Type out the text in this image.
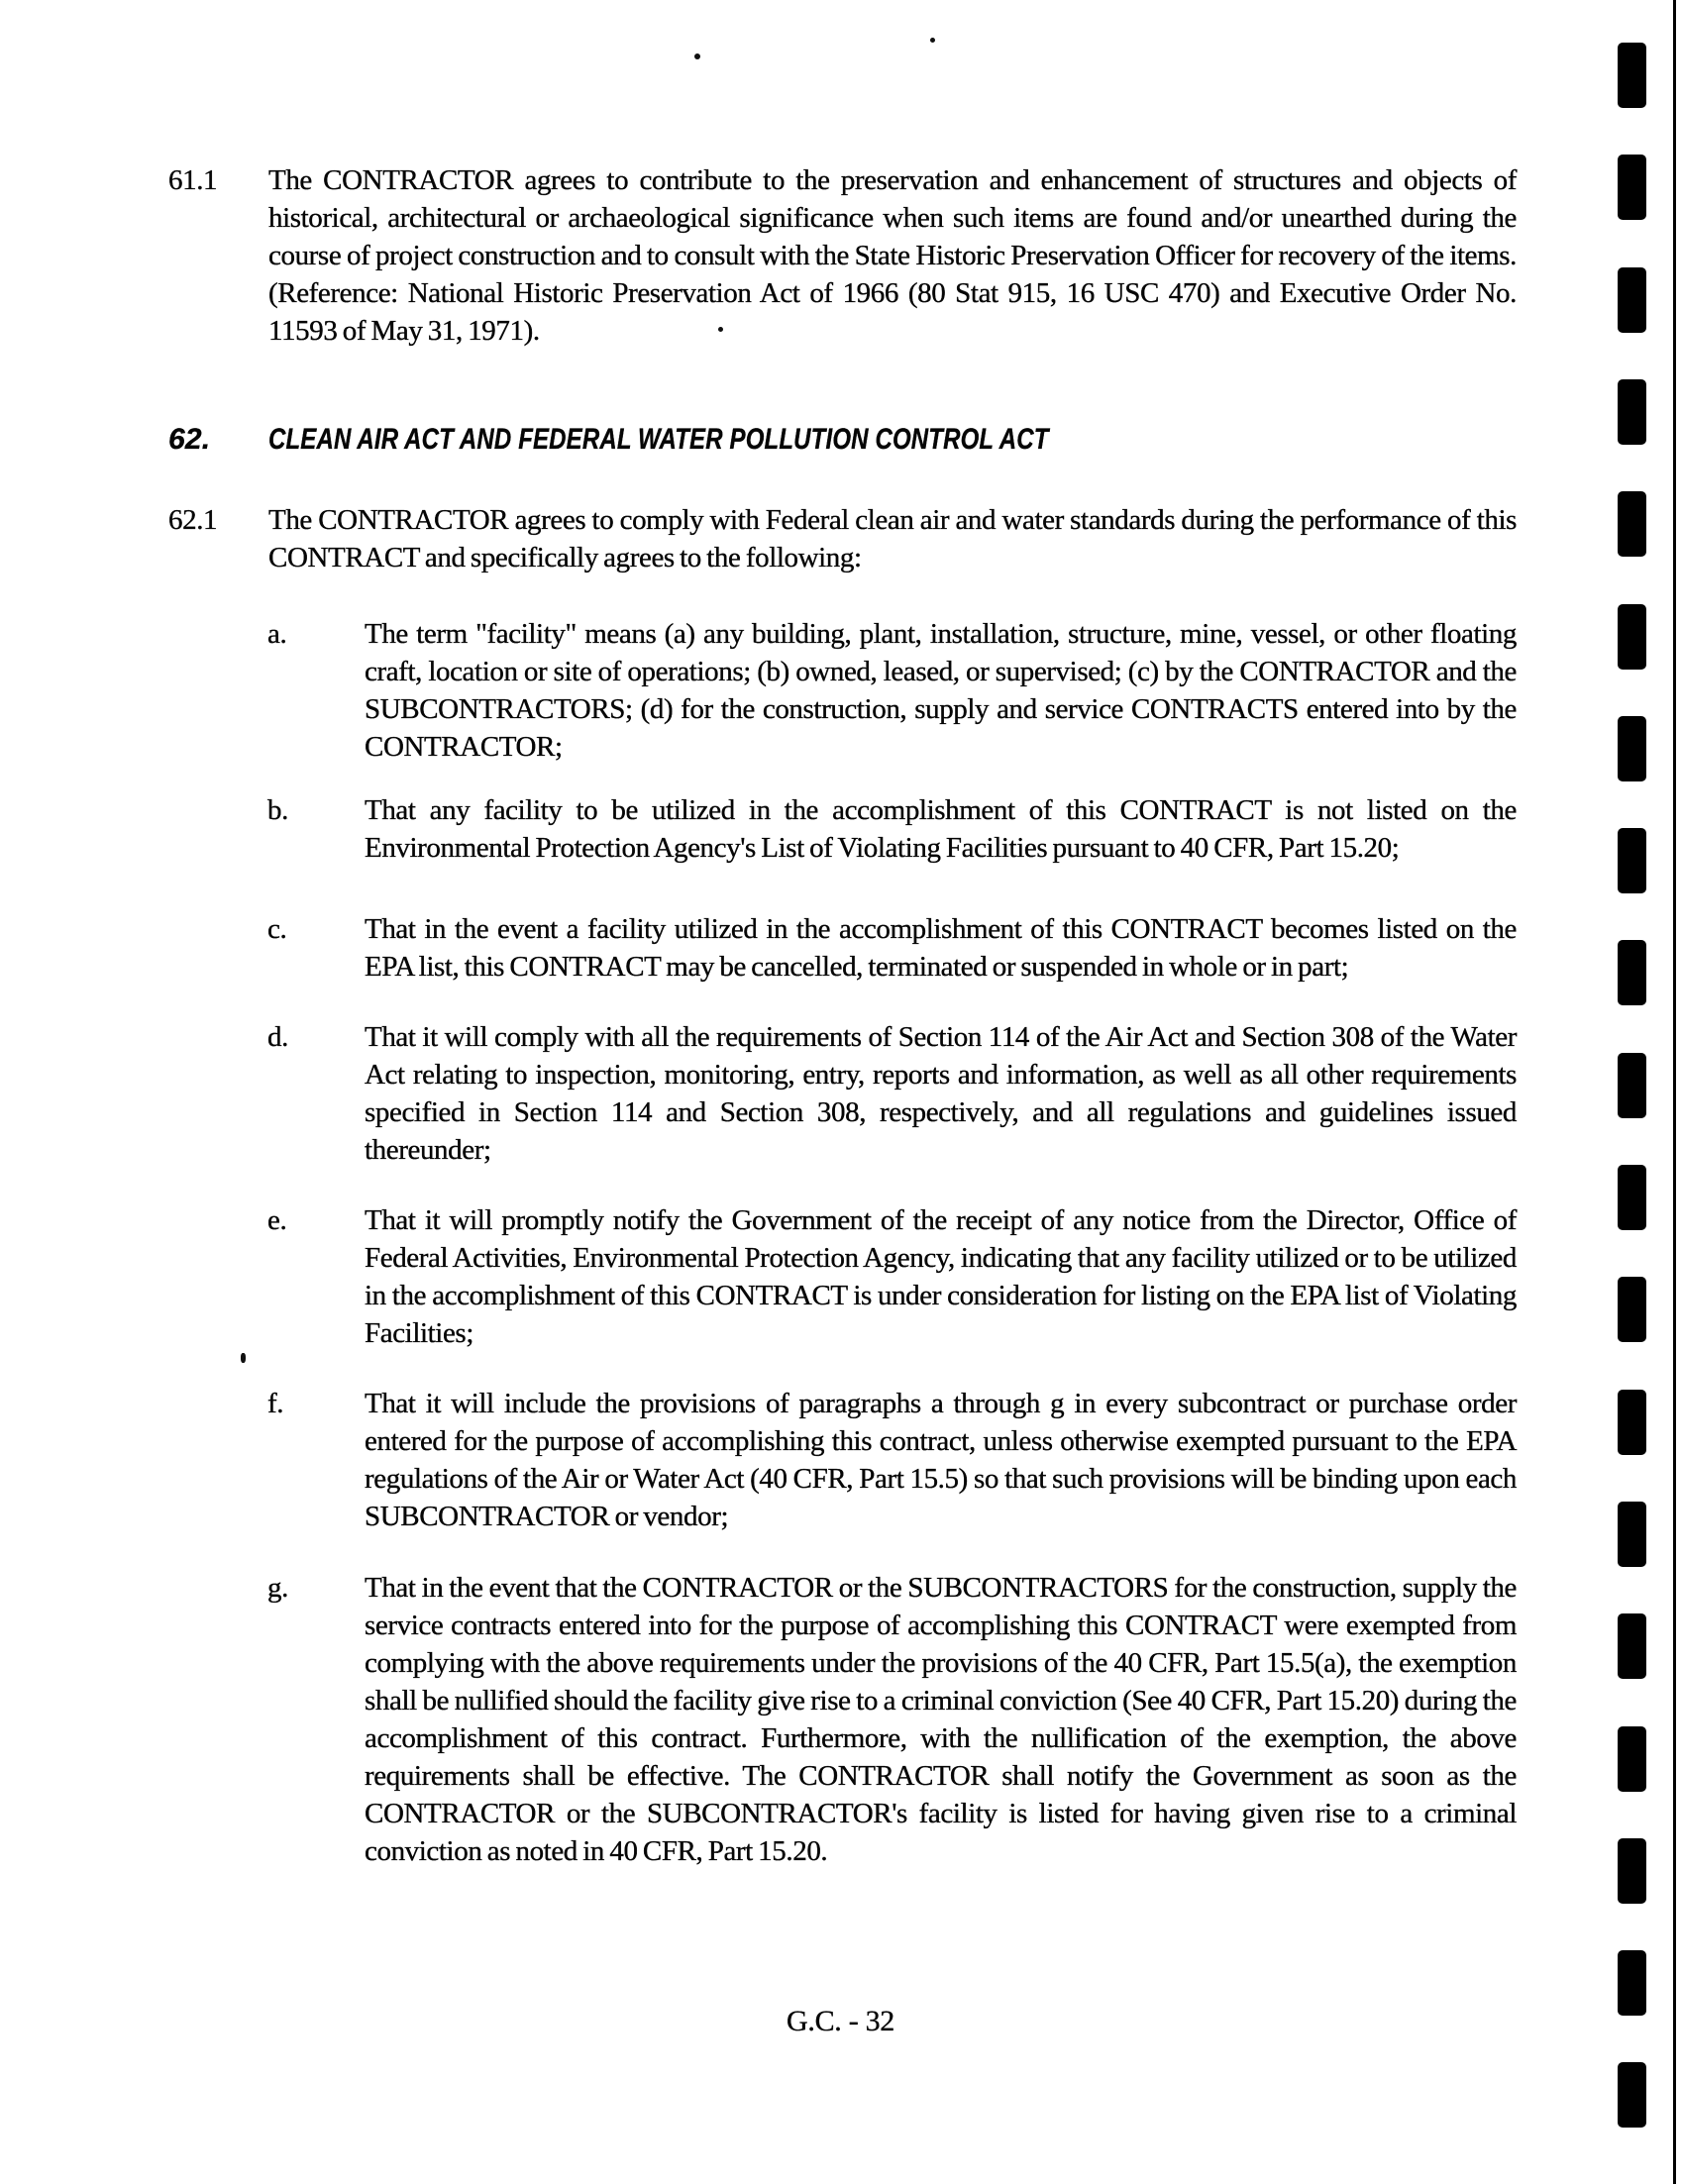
61.1	The CONTRACTOR agrees to contribute to the preservation and enhancement of structures and objects of historical, architectural or archaeological significance when such items are found and/or unearthed during the course of project construction and to consult with the State Historic Preservation Officer for recovery of the items. (Reference: National Historic Preservation Act of 1966 (80 Stat 915, 16 USC 470) and Executive Order No. 11593 of May 31, 1971).

62.	CLEAN AIR ACT AND FEDERAL WATER POLLUTION CONTROL ACT
62.1	The CONTRACTOR agrees to comply with Federal clean air and water standards during the performance of this CONTRACT and specifically agrees to the following:

a.	The term "facility" means (a) any building, plant, installation, structure, mine, vessel, or other floating craft, location or site of operations; (b) owned, leased, or supervised; (c) by the CONTRACTOR and the SUBCONTRACTORS; (d) for the construction, supply and service CONTRACTS entered into by the CONTRACTOR;

b.	That any facility to be utilized in the accomplishment of this CONTRACT is not listed on the Environmental Protection Agency's List of Violating Facilities pursuant to 40 CFR, Part 15.20;

c.	That in the event a facility utilized in the accomplishment of this CONTRACT becomes listed on the EPA list, this CONTRACT may be cancelled, terminated or suspended in whole or in part;

d.	That it will comply with all the requirements of Section 114 of the Air Act and Section 308 of the Water Act relating to inspection, monitoring, entry, reports and information, as well as all other requirements specified in Section 114 and Section 308, respectively, and all regulations and guidelines issued thereunder;

e.	That it will promptly notify the Government of the receipt of any notice from the Director, Office of Federal Activities, Environmental Protection Agency, indicating that any facility utilized or to be utilized in the accomplishment of this CONTRACT is under consideration for listing on the EPA list of Violating Facilities;

f.	That it will include the provisions of paragraphs a through g in every subcontract or purchase order entered for the purpose of accomplishing this contract, unless otherwise exempted pursuant to the EPA regulations of the Air or Water Act (40 CFR, Part 15.5) so that such provisions will be binding upon each SUBCONTRACTOR or vendor;

g.	That in the event that the CONTRACTOR or the SUBCONTRACTORS for the construction, supply the service contracts entered into for the purpose of accomplishing this CONTRACT were exempted from complying with the above requirements under the provisions of the 40 CFR, Part 15.5(a), the exemption shall be nullified should the facility give rise to a criminal conviction (See 40 CFR, Part 15.20) during the accomplishment of this contract. Furthermore, with the nullification of the exemption, the above requirements shall be effective. The CONTRACTOR shall notify the Government as soon as the CONTRACTOR or the SUBCONTRACTOR's facility is listed for having given rise to a criminal conviction as noted in 40 CFR, Part 15.20.

G.C. - 32
